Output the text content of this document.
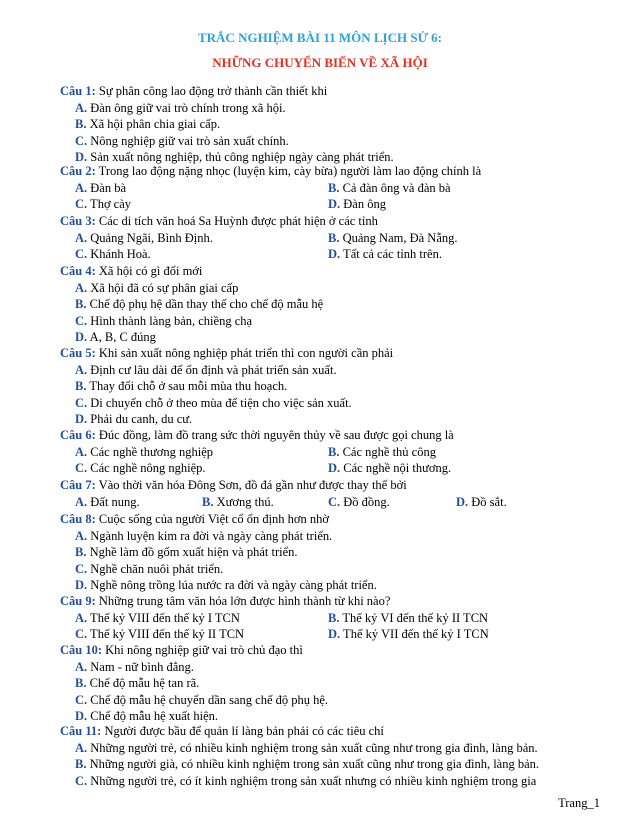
TRẮC NGHIỆM BÀI 11 MÔN LỊCH SỬ 6:
NHỮNG CHUYỂN BIẾN VỀ XÃ HỘI
Câu 1: Sự phân công lao động trở thành cần thiết khi
A. Đàn ông giữ vai trò chính trong xã hội.
B. Xã hội phân chia giai cấp.
C. Nông nghiệp giữ vai trò sản xuất chính.
D. Sản xuất nông nghiệp, thủ công nghiệp ngày càng phát triển.
Câu 2: Trong lao động nặng nhọc (luyện kim, cày bừa) người làm lao động chính là
A. Đàn bà	B. Cả đàn ông và đàn bà
C. Thợ cày	D. Đàn ông
Câu 3: Các di tích văn hoá Sa Huỳnh được phát hiện ở các tỉnh
A. Quảng Ngãi, Bình Định.	B. Quảng Nam, Đà Nẵng.
C. Khánh Hoà.	D. Tất cả các tỉnh trên.
Câu 4: Xã hội có gì đổi mới
A. Xã hội đã có sự phân giai cấp
B. Chế độ phụ hệ dần thay thế cho chế độ mẫu hệ
C. Hình thành làng bản, chiềng chạ
D. A, B, C đúng
Câu 5: Khi sản xuất nông nghiệp phát triển thì con người cần phải
A. Định cư lâu dài để ổn định và phát triển sản xuất.
B. Thay đổi chỗ ở sau mỗi mùa thu hoạch.
C. Di chuyển chỗ ở theo mùa để tiện cho việc sản xuất.
D. Phải du canh, du cư.
Câu 6: Đúc đồng, làm đồ trang sức thời nguyên thủy về sau được gọi chung là
A. Các nghề thương nghiệp	B. Các nghề thủ công
C. Các nghề nông nghiệp.	D. Các nghề nội thương.
Câu 7: Vào thời văn hóa Đông Sơn, đồ đá gần như được thay thế bởi
A. Đất nung.	B. Xương thú.	C. Đồ đồng.	D. Đồ sắt.
Câu 8: Cuộc sống của người Việt cổ ổn định hơn nhờ
A. Ngành luyện kim ra đời và ngày càng phát triển.
B. Nghề làm đồ gốm xuất hiện và phát triển.
C. Nghề chăn nuôi phát triển.
D. Nghề nông trồng lúa nước ra đời và ngày càng phát triển.
Câu 9: Những trung tâm văn hóa lớn được hình thành từ khi nào?
A. Thế kỷ VIII đến thế kỷ I TCN	B. Thế kỷ VI đến thế kỷ II TCN
C. Thế kỷ VIII đến thế kỷ II TCN	D. Thế kỷ VII đến thế kỷ I TCN
Câu 10: Khi nông nghiệp giữ vai trò chủ đạo thì
A. Nam - nữ bình đẳng.
B. Chế độ mẫu hệ tan rã.
C. Chế độ mẫu hệ chuyển dần sang chế độ phụ hệ.
D. Chế độ mẫu hệ xuất hiện.
Câu 11: Người được bầu để quản lí làng bản phải có các tiêu chí
A. Những người trẻ, có nhiều kinh nghiệm trong sản xuất cũng như trong gia đình, làng bản.
B. Những người già, có nhiều kinh nghiệm trong sản xuất cũng như trong gia đình, làng bản.
C. Những người trẻ, có ít kinh nghiệm trong sản xuất nhưng có nhiều kinh nghiệm trong gia
Trang_1
